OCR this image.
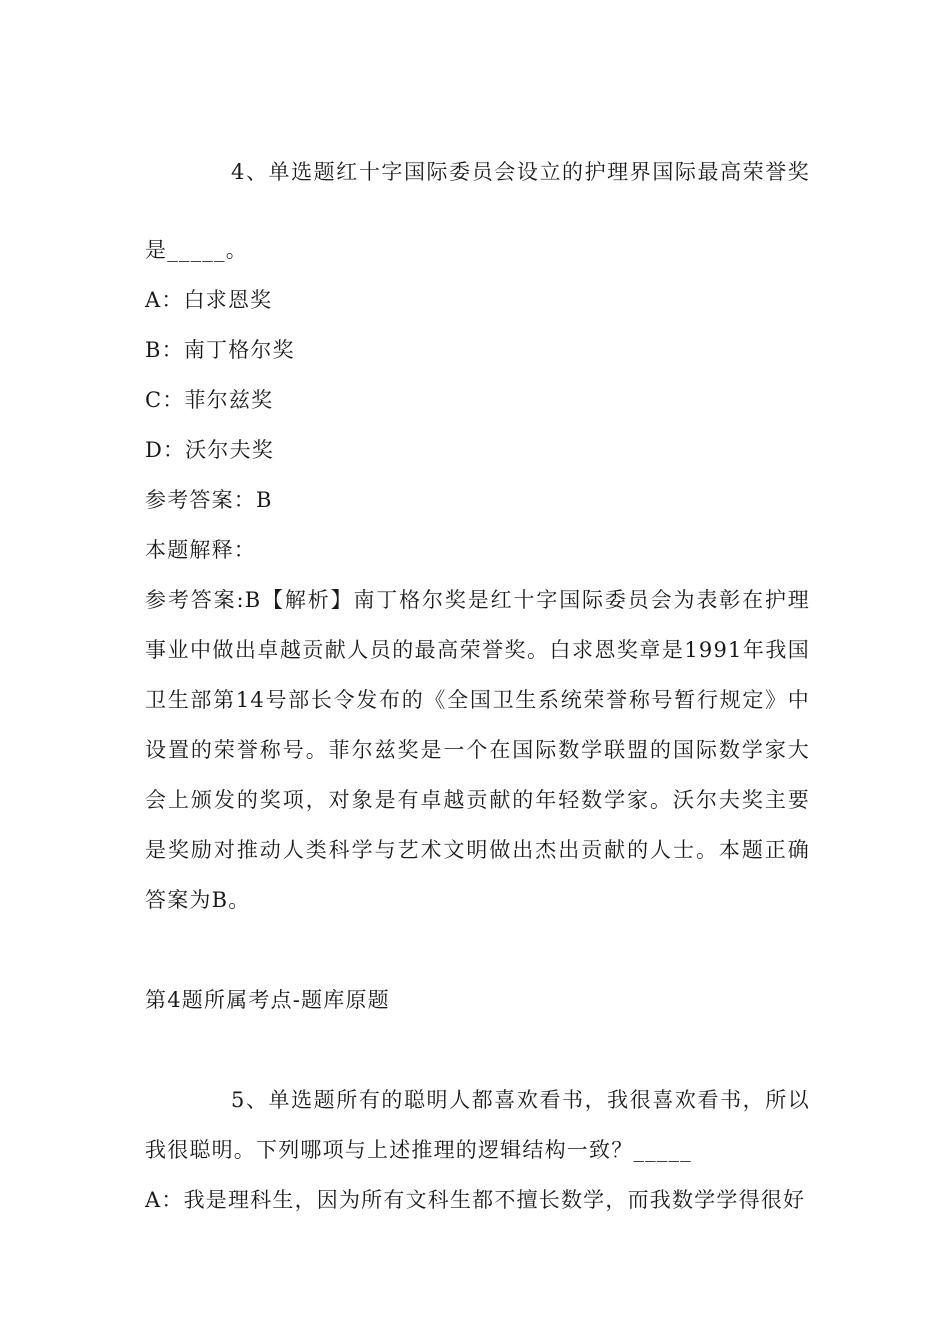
4、单选题红十字国际委员会设立的护理界国际最高荣誉奖
是_____。
A：白求恩奖
B：南丁格尔奖
C：菲尔兹奖
D：沃尔夫奖
参考答案：B
本题解释：
参考答案:B【解析】南丁格尔奖是红十字国际委员会为表彰在护理
事业中做出卓越贡献人员的最高荣誉奖。白求恩奖章是1991年我国
卫生部第14号部长令发布的《全国卫生系统荣誉称号暂行规定》中
设置的荣誉称号。菲尔兹奖是一个在国际数学联盟的国际数学家大
会上颁发的奖项，对象是有卓越贡献的年轻数学家。沃尔夫奖主要
是奖励对推动人类科学与艺术文明做出杰出贡献的人士。本题正确
答案为B。
第4题所属考点-题库原题
5、单选题所有的聪明人都喜欢看书，我很喜欢看书，所以
我很聪明。下列哪项与上述推理的逻辑结构一致？_____
A：我是理科生，因为所有文科生都不擅长数学，而我数学学得很好
